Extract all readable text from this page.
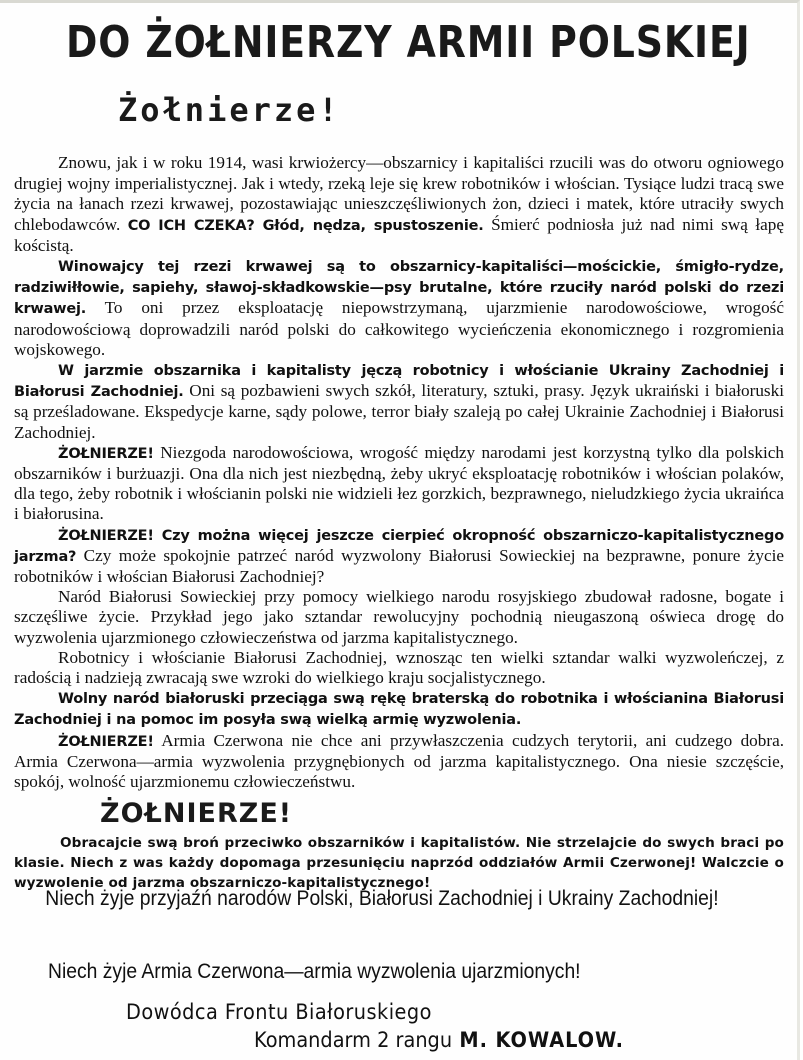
DO ŻOŁNIERZY ARMII POLSKIEJ
Żołnierze!

Znowu, jak i w roku 1914, wasi krwiożercy—obszarnicy i kapitaliści rzucili was do otworu ogniowego drugiej wojny imperialistycznej. Jak i wtedy, rzeką leje się krew robotników i włościan. Tysiące ludzi tracą swe życia na łanach rzezi krwawej, pozostawiając unieszczęśliwionych żon, dzieci i matek, które utraciły swych chlebodawców. CO ICH CZEKA? Głód, nędza, spustoszenie. Śmierć podniosła już nad nimi swą łapę kościstą.

Winowajcy tej rzezi krwawej są to obszarnicy-kapitaliści—mościckie, śmigło-rydze, radziwiłłowie, sapiehy, sławoj-składkowskie—psy brutalne, które rzuciły naród polski do rzezi krwawej. To oni przez eksploatację niepowstrzymaną, ujarzmienie narodowościowe, wrogość narodowościową doprowadzili naród polski do całkowitego wycieńczenia ekonomicznego i rozgromienia wojskowego.

W jarzmie obszarnika i kapitalisty jęczą robotnicy i włościanie Ukrainy Zachodniej i Białorusi Zachodniej. Oni są pozbawieni swych szkół, literatury, sztuki, prasy. Język ukraiński i białoruski są prześladowane. Ekspedycje karne, sądy polowe, terror biały szaleją po całej Ukrainie Zachodniej i Białorusi Zachodniej.

ŻOŁNIERZE! Niezgoda narodowościowa, wrogość między narodami jest korzystną tylko dla polskich obszarników i burżuazji. Ona dla nich jest niezbędną, żeby ukryć eksploatację robotników i włościan polaków, dla tego, żeby robotnik i włościanin polski nie widzieli łez gorzkich, bezprawnego, nieludzkiego życia ukraińca i białorusina.

ŻOŁNIERZE! Czy można więcej jeszcze cierpieć okropność obszarniczo-kapitalistycznego jarzma? Czy może spokojnie patrzeć naród wyzwolony Białorusi Sowieckiej na bezprawne, ponure życie robotników i włościan Białorusi Zachodniej?

Naród Białorusi Sowieckiej przy pomocy wielkiego narodu rosyjskiego zbudował radosne, bogate i szczęśliwe życie. Przykład jego jako sztandar rewolucyjny pochodnią nieugaszoną oświeca drogę do wyzwolenia ujarzmionego człowieczeństwa od jarzma kapitalistycznego.

Robotnicy i włościanie Białorusi Zachodniej, wznosząc ten wielki sztandar walki wyzwoleńczej, z radością i nadzieją zwracają swe wzroki do wielkiego kraju socjalistycznego.

Wolny naród białoruski przeciąga swą rękę braterską do robotnika i włościanina Białorusi Zachodniej i na pomoc im posyła swą wielką armię wyzwolenia.

ŻOŁNIERZE! Armia Czerwona nie chce ani przywłaszczenia cudzych terytorii, ani cudzego dobra. Armia Czerwona—armia wyzwolenia przygnębionych od jarzma kapitalistycznego. Ona niesie szczęście, spokój, wolność ujarzmionemu człowieczeństwu.

ŻOŁNIERZE!

Obracajcie swą broń przeciwko obszarników i kapitalistów. Nie strzelajcie do swych braci po klasie. Niech z was każdy dopomaga przesunięciu naprzód oddziałów Armii Czerwonej! Walczcie o wyzwolenie od jarzma obszarniczo-kapitalistycznego!

Niech żyje przyjaźń narodów Polski, Białorusi Zachodniej i Ukrainy Zachodniej!
Niech żyje Armia Czerwona—armia wyzwolenia ujarzmionych!
Dowódca Frontu Białoruskiego
Komandarm 2 rangu M. KOWALOW.
